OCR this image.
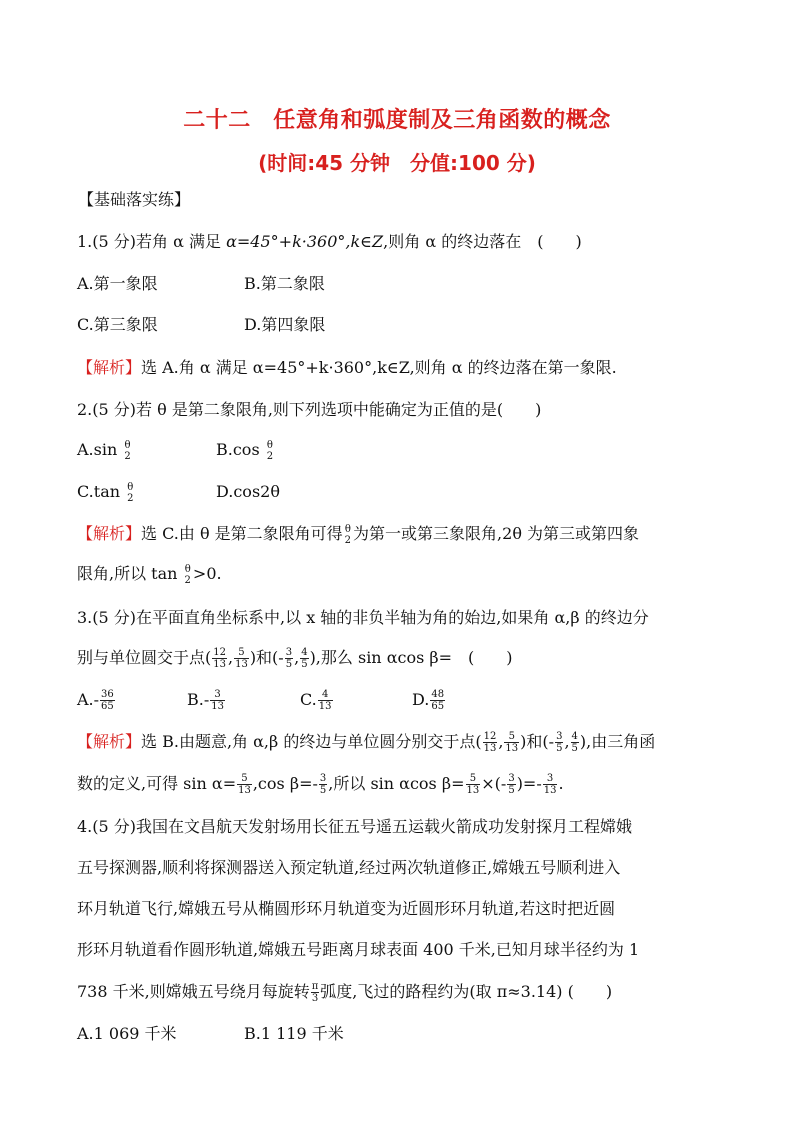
二十二　任意角和弧度制及三角函数的概念
(时间:45 分钟　分值:100 分)
【基础落实练】
1.(5 分)若角 α 满足 α=45°+k·360°,k∈Z,则角 α 的终边落在　(　　)
A.第一象限	B.第二象限
C.第三象限	D.第四象限
【解析】选 A.角 α 满足 α=45°+k·360°,k∈Z,则角 α 的终边落在第一象限.
2.(5 分)若 θ 是第二象限角,则下列选项中能确定为正值的是(　　)
A.sin θ
2	B.cos θ
2
C.tan θ
2	D.cos2θ
【解析】选 C.由 θ 是第二象限角可得 θ
2 为第一或第三象限角,2θ 为第三或第四象
限角,所以 tan θ
2 >0.
3.(5 分)在平面直角坐标系中,以 x 轴的非负半轴为角的始边,如果角 α,β 的终边分
别与单位圆交于点( $\frac{12}{13}$ , $\frac{5}{13}$ )和(- $\frac{3}{5}$ , $\frac{4}{5}$ ),那么 sin αcos β=　(　　)
$A.- \frac{36}{65}$	$B.- \frac{3}{13}$	C. $\frac{4}{13}$	D. $\frac{48}{65}$
【解析】选 B.由题意,角 α,β 的终边与单位圆分别交于点( $\frac{12}{13}$ , $\frac{5}{13}$ )和(- $\frac{3}{5}$ , $\frac{4}{5}$ ),由三角函
数的定义,可得 $\sin \alpha= \frac{5}{13} ,\cos$ $\beta=- \frac{3}{5}$ ,所以 sin αcos $\beta= \frac{5}{13}$ ×(- $\frac{3}{5}$ )=- $\frac{3}{13}$ .
4.(5 分)我国在文昌航天发射场用长征五号遥五运载火箭成功发射探月工程嫦娥
五号探测器,顺利将探测器送入预定轨道,经过两次轨道修正,嫦娥五号顺利进入
环月轨道飞行,嫦娥五号从椭圆形环月轨道变为近圆形环月轨道,若这时把近圆
形环月轨道看作圆形轨道,嫦娥五号距离月球表面 400 千米,已知月球半径约为 1
738 千米,则嫦娥五号绕月每旋转 $\frac{\pi}{3}$ 弧度,飞过的路程约为(取 π≈3.14) (　　)
A.1 069 千米	B.1 119 千米
